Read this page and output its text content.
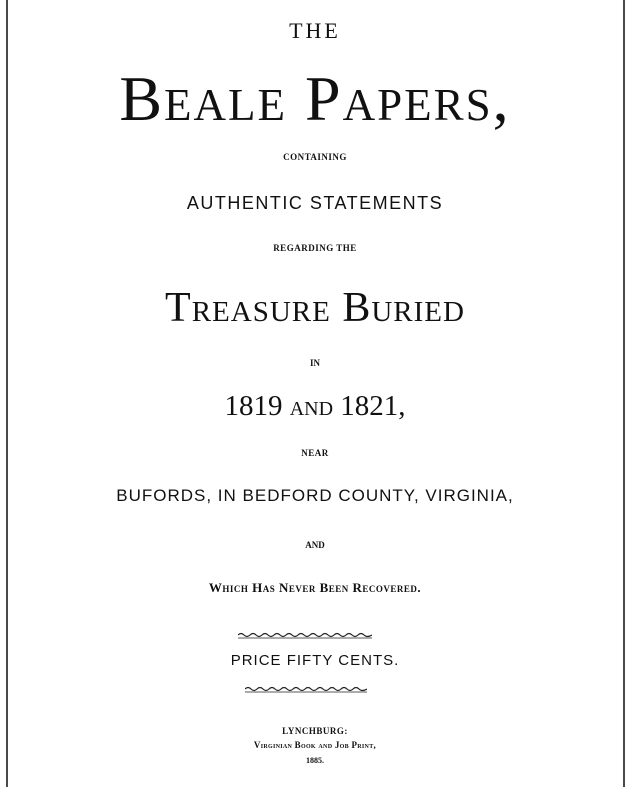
THE
Beale Papers,
CONTAINING
AUTHENTIC STATEMENTS
REGARDING THE
Treasure Buried
IN
1819 and 1821,
NEAR
BUFORDS, IN BEDFORD COUNTY, VIRGINIA,
AND
Which Has Never Been Recovered.
PRICE FIFTY CENTS.
LYNCHBURG:
Virginian Book and Job Print,
1885.
